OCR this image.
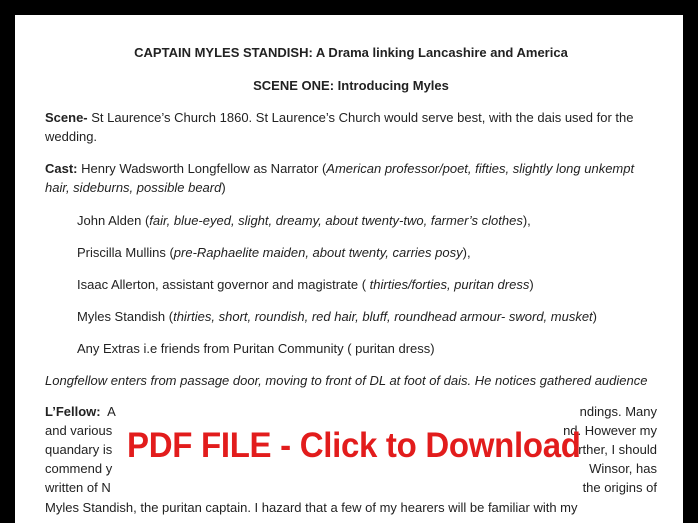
CAPTAIN MYLES STANDISH: A Drama linking Lancashire and America
SCENE ONE: Introducing Myles
Scene- St Laurence’s Church 1860. St Laurence’s Church would serve best, with the dais used for the wedding.
Cast: Henry Wadsworth Longfellow as Narrator (American professor/poet, fifties, slightly long unkempt hair, sideburns, possible beard)
John Alden (fair, blue-eyed, slight, dreamy, about twenty-two, farmer’s clothes),
Priscilla Mullins (pre-Raphaelite maiden, about twenty, carries posy),
Isaac Allerton, assistant governor and magistrate ( thirties/forties, puritan dress)
Myles Standish (thirties, short, roundish, red hair, bluff, roundhead armour- sword, musket)
Any Extras i.e friends from Puritan Community ( puritan dress)
Longfellow enters from passage door, moving to front of DL at foot of dais. He notices gathered audience
L’Fellow: A	ndings. Many
and various	nd. However my
quandary is	rther, I should
commend y	Winsor, has
written of N	the origins of
Myles Standish, the puritan captain. I hazard that a few of my hearers will be familiar with my
PDF FILE - Click to Download
